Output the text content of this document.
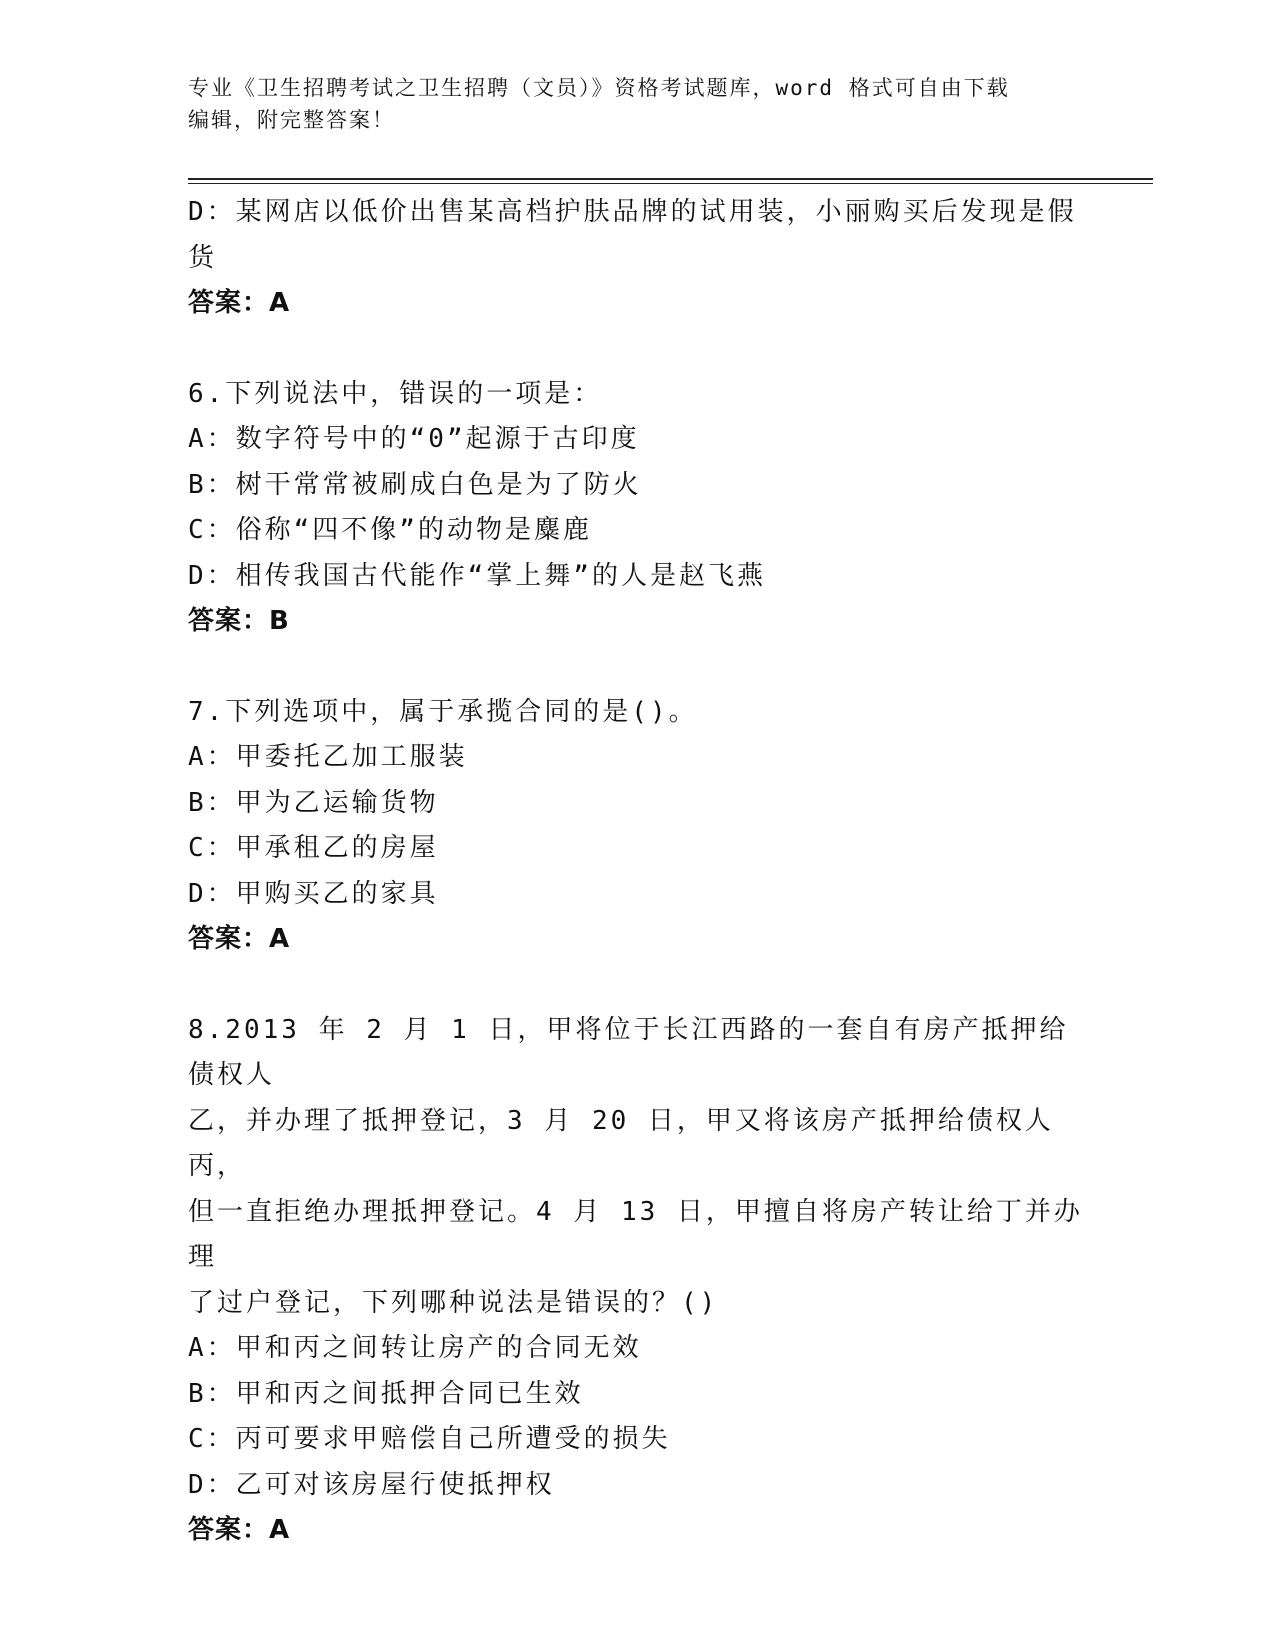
专业《卫生招聘考试之卫生招聘（文员）》资格考试题库，word 格式可自由下载
编辑，附完整答案！

D：某网店以低价出售某高档护肤品牌的试用装，小丽购买后发现是假

货

答案：A

6.下列说法中，错误的一项是：

A：数字符号中的“0”起源于古印度

B：树干常常被刷成白色是为了防火

C：俗称“四不像”的动物是麋鹿

D：相传我国古代能作“掌上舞”的人是赵飞燕

答案：B

7.下列选项中，属于承揽合同的是()。

A：甲委托乙加工服装

B：甲为乙运输货物

C：甲承租乙的房屋

D：甲购买乙的家具

答案：A

8.2013 年 2 月 1 日，甲将位于长江西路的一套自有房产抵押给债权人

乙，并办理了抵押登记，3 月 20 日，甲又将该房产抵押给债权人丙，

但一直拒绝办理抵押登记。4 月 13 日，甲擅自将房产转让给丁并办理

了过户登记，下列哪种说法是错误的？()

A：甲和丙之间转让房产的合同无效

B：甲和丙之间抵押合同已生效

C：丙可要求甲赔偿自己所遭受的损失

D：乙可对该房屋行使抵押权

答案：A
